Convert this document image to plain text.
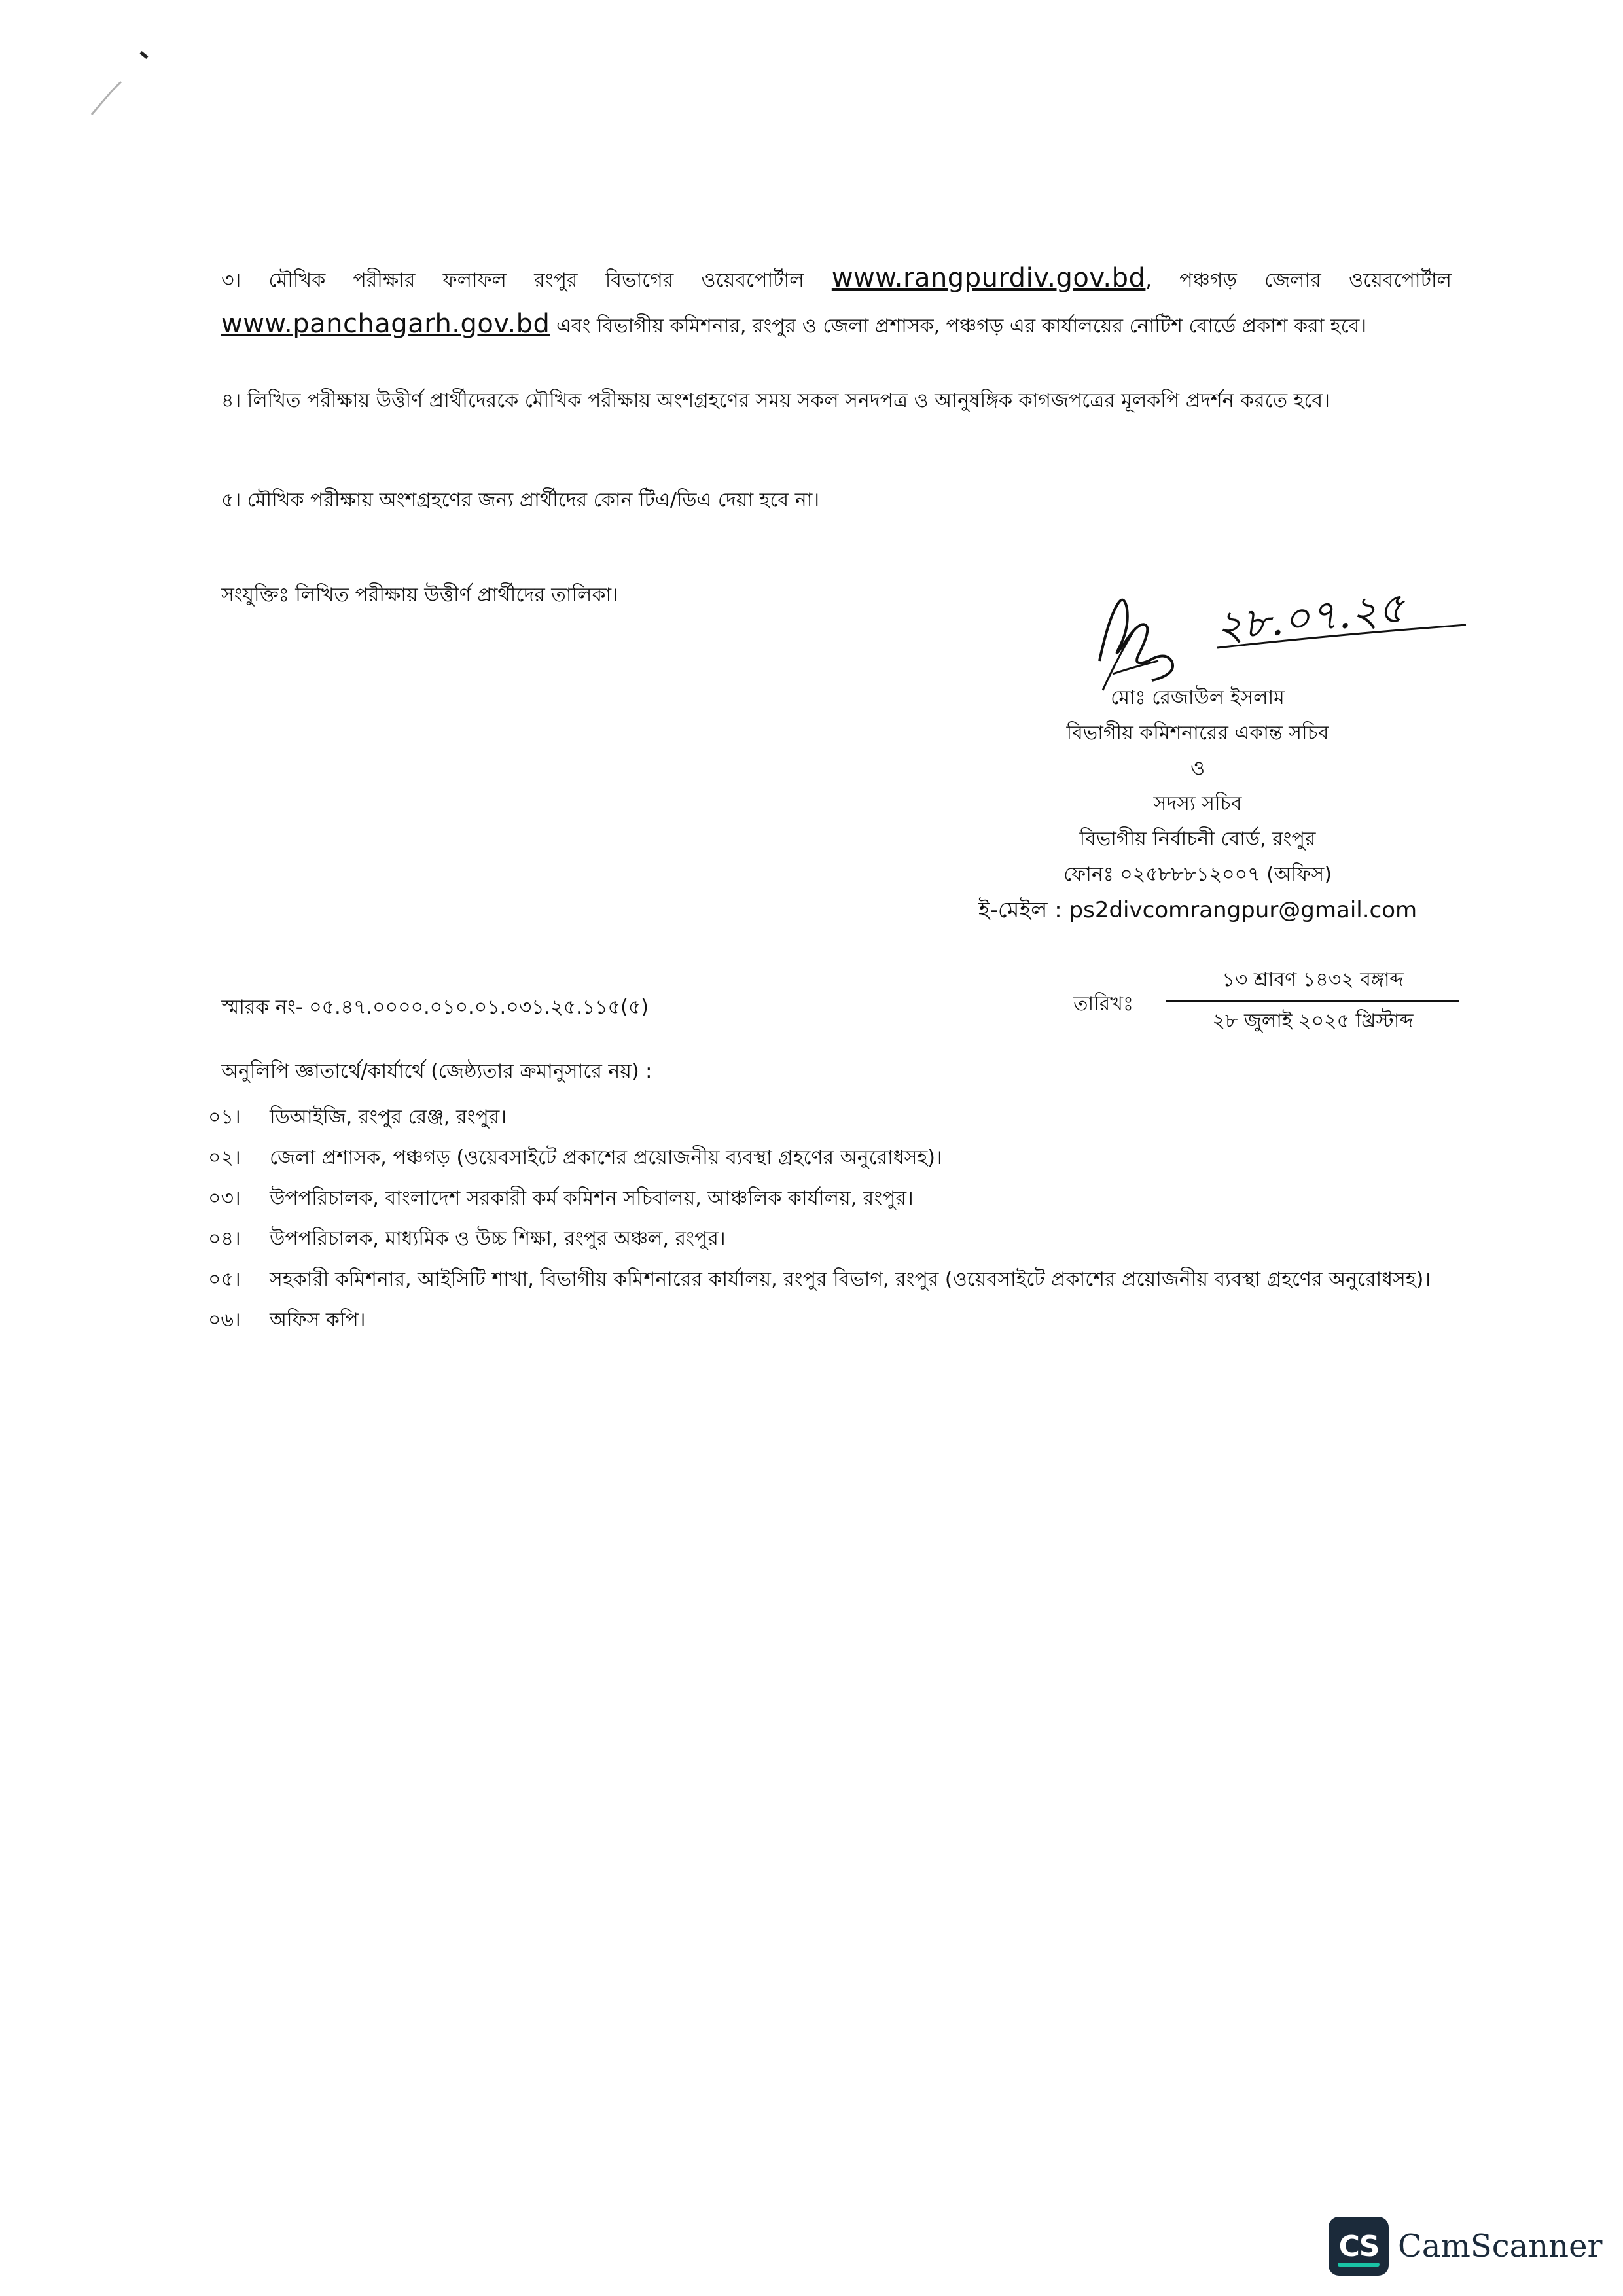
৩। মৌখিক পরীক্ষার ফলাফল রংপুর বিভাগের ওয়েবপোর্টাল www.rangpurdiv.gov.bd, পঞ্চগড় জেলার ওয়েবপোর্টাল www.panchagarh.gov.bd এবং বিভাগীয় কমিশনার, রংপুর ও জেলা প্রশাসক, পঞ্চগড় এর কার্যালয়ের নোটিশ বোর্ডে প্রকাশ করা হবে।
৪। লিখিত পরীক্ষায় উত্তীর্ণ প্রার্থীদেরকে মৌখিক পরীক্ষায় অংশগ্রহণের সময় সকল সনদপত্র ও আনুষঙ্গিক কাগজপত্রের মূলকপি প্রদর্শন করতে হবে।
৫। মৌখিক পরীক্ষায় অংশগ্রহণের জন্য প্রার্থীদের কোন টিএ/ডিএ দেয়া হবে না।
সংযুক্তিঃ লিখিত পরীক্ষায় উত্তীর্ণ প্রার্থীদের তালিকা।	২৮.০৭.২৫
মোঃ রেজাউল ইসলাম
বিভাগীয় কমিশনারের একান্ত সচিব
ও
সদস্য সচিব
বিভাগীয় নির্বাচনী বোর্ড, রংপুর
ফোনঃ ০২৫৮৮৮১২০০৭ (অফিস)
ই-মেইল : ps2divcomrangpur@gmail.com
স্মারক নং- ০৫.৪৭.০০০০.০১০.০১.০৩১.২৫.১১৫(৫)	তারিখঃ
১৩ শ্রাবণ ১৪৩২ বঙ্গাব্দ
২৮ জুলাই ২০২৫ খ্রিস্টাব্দ
অনুলিপি জ্ঞাতার্থে/কার্যার্থে (জেষ্ঠ্যতার ক্রমানুসারে নয়) :
০১।	ডিআইজি, রংপুর রেঞ্জ, রংপুর।
০২।	জেলা প্রশাসক, পঞ্চগড় (ওয়েবসাইটে প্রকাশের প্রয়োজনীয় ব্যবস্থা গ্রহণের অনুরোধসহ)।
০৩।	উপপরিচালক, বাংলাদেশ সরকারী কর্ম কমিশন সচিবালয়, আঞ্চলিক কার্যালয়, রংপুর।
০৪।	উপপরিচালক, মাধ্যমিক ও উচ্চ শিক্ষা, রংপুর অঞ্চল, রংপুর।
০৫।	সহকারী কমিশনার, আইসিটি শাখা, বিভাগীয় কমিশনারের কার্যালয়, রংপুর বিভাগ, রংপুর (ওয়েবসাইটে প্রকাশের প্রয়োজনীয় ব্যবস্থা গ্রহণের অনুরোধসহ)।
০৬।	অফিস কপি।
CS CamScanner
